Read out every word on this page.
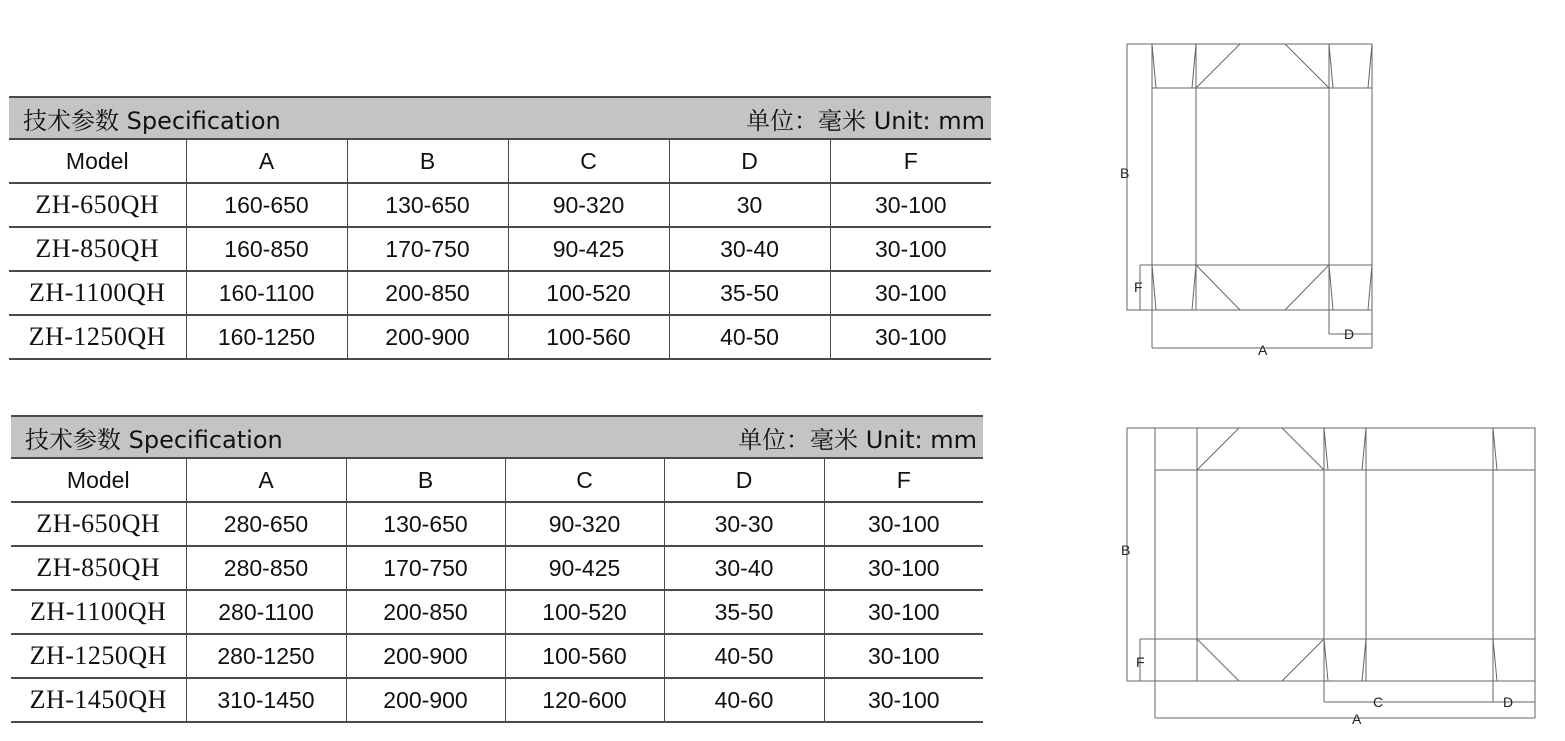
技术参数 Specification 单位：毫米 Unit: mm					

Model	A	B	C	D	F
ZH-650QH	160-650	130-650	90-320	30	30-100
ZH-850QH	160-850	170-750	90-425	30-40	30-100
ZH-1100QH	160-1100	200-850	100-520	35-50	30-100
ZH-1250QH	160-1250	200-900	100-560	40-50	30-100
技术参数 Specification 单位：毫米 Unit: mm					

Model	A	B	C	D	F
ZH-650QH	280-650	130-650	90-320	30-30	30-100
ZH-850QH	280-850	170-750	90-425	30-40	30-100
ZH-1100QH	280-1100	200-850	100-520	35-50	30-100
ZH-1250QH	280-1250	200-900	100-560	40-50	30-100
ZH-1450QH	310-1450	200-900	120-600	40-60	30-100
B
F
A
D
B
F
A
C	D
